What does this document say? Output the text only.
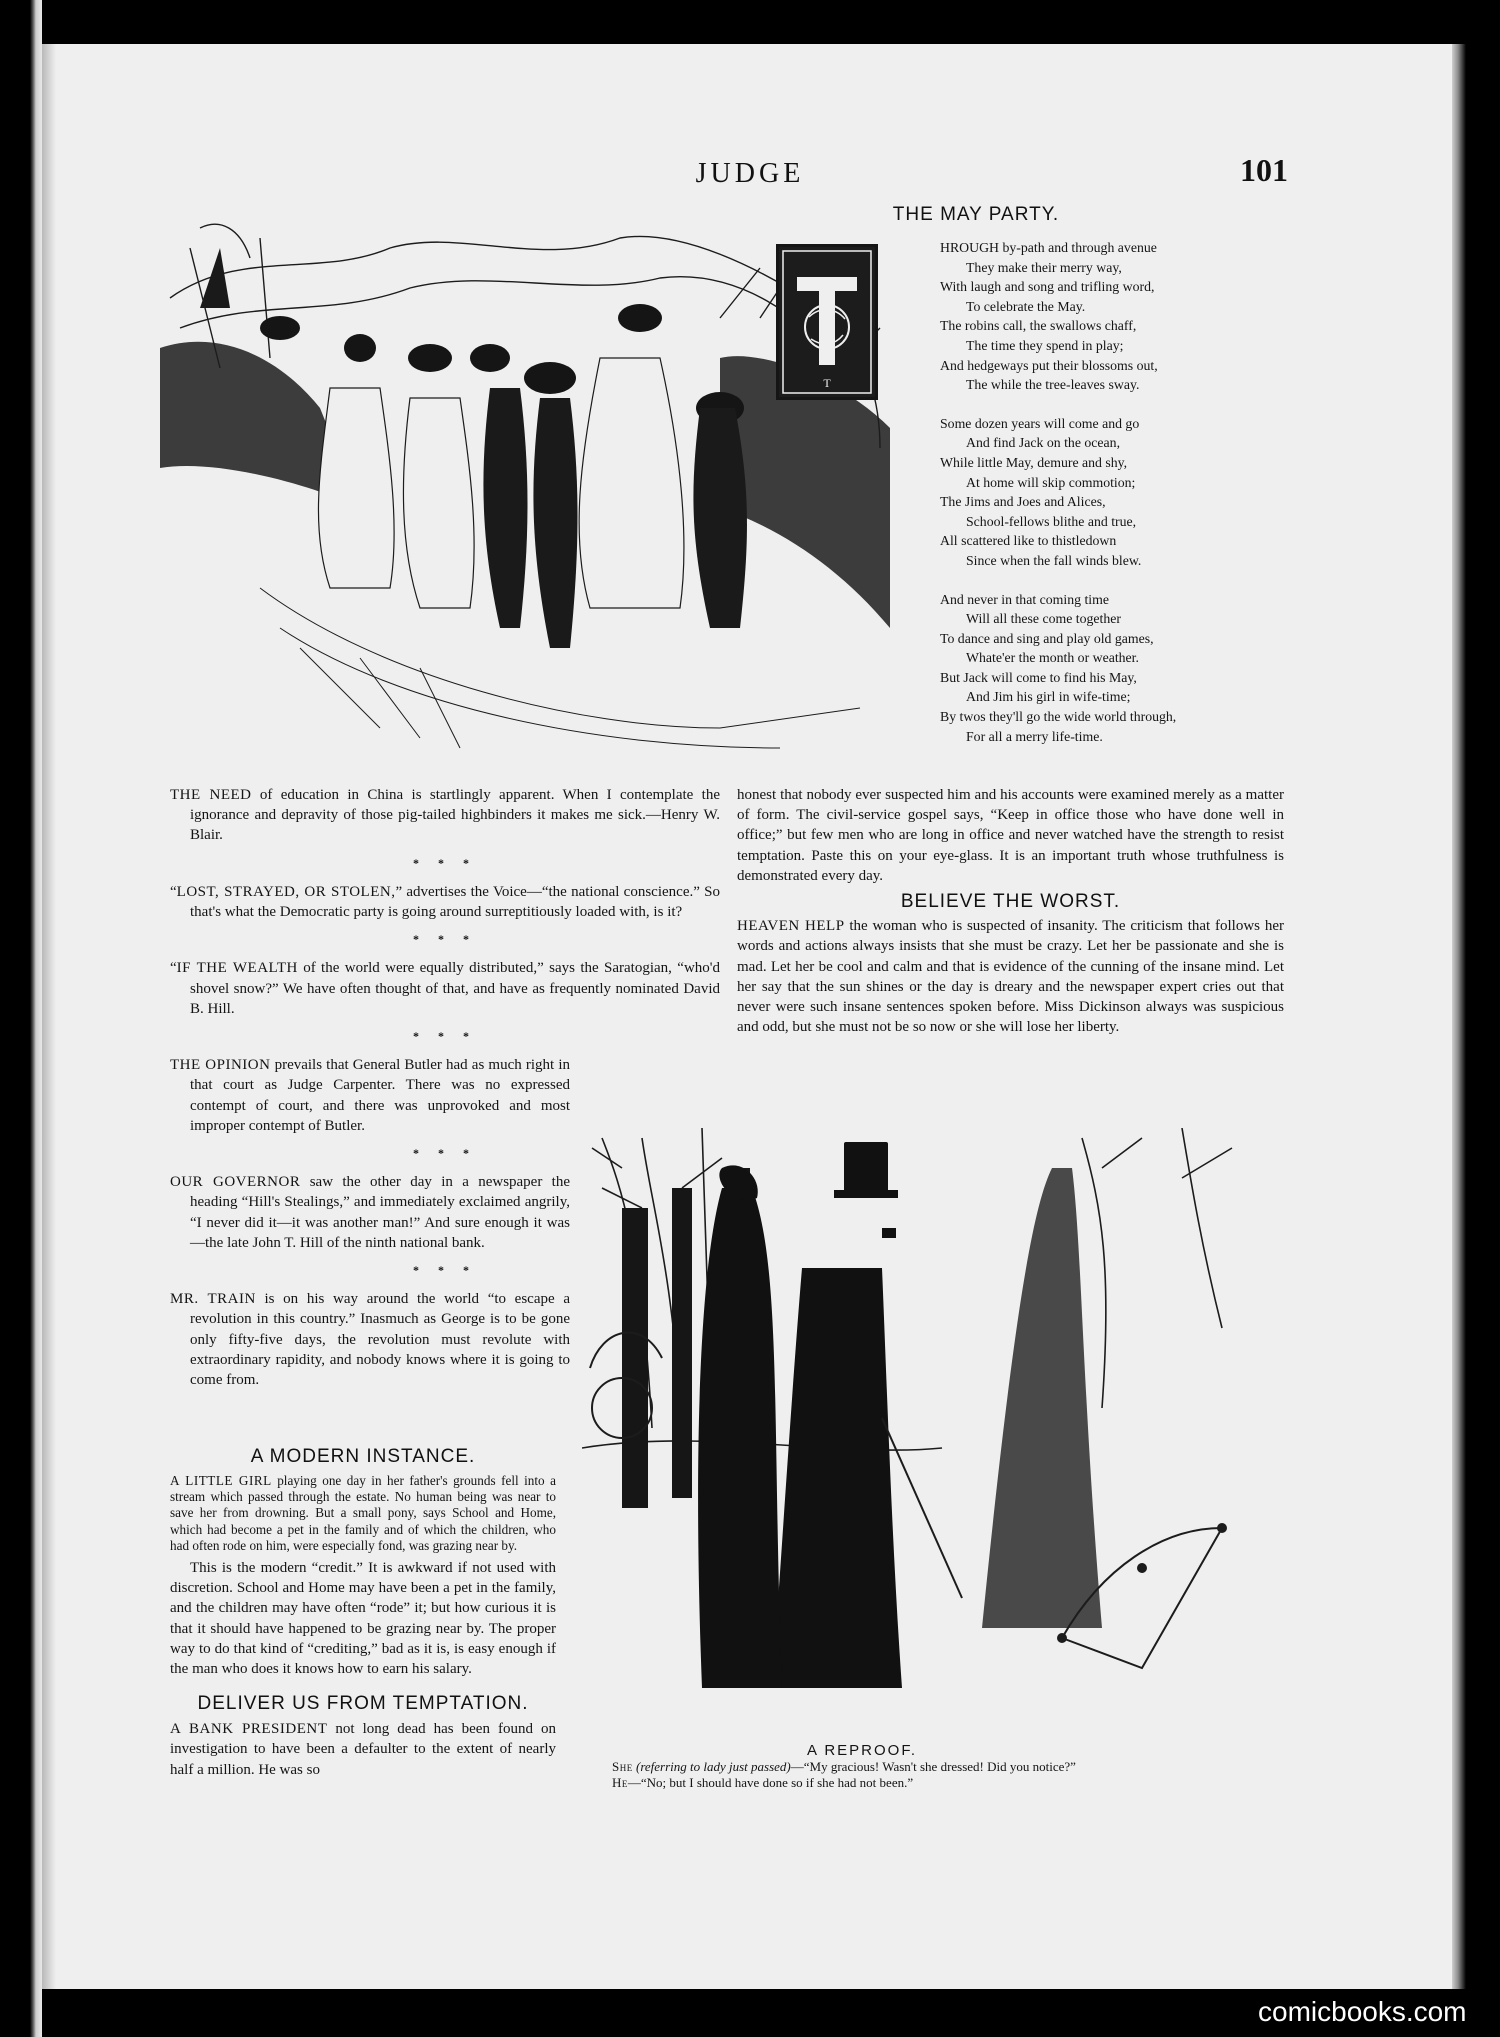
JUDGE	101
T
THE MAY PARTY.
HROUGH by-path and through avenue
They make their merry way,
With laugh and song and trifling word,
To celebrate the May.
The robins call, the swallows chaff,
The time they spend in play;
And hedgeways put their blossoms out,
The while the tree-leaves sway.
Some dozen years will come and go
And find Jack on the ocean,
While little May, demure and shy,
At home will skip commotion;
The Jims and Joes and Alices,
School-fellows blithe and true,
All scattered like to thistledown
Since when the fall winds blew.
And never in that coming time
Will all these come together
To dance and sing and play old games,
Whate'er the month or weather.
But Jack will come to find his May,
And Jim his girl in wife-time;
By twos they'll go the wide world through,
For all a merry life-time.

THE NEED of education in China is startlingly apparent. When I contemplate the ignorance and depravity of those pig-tailed highbinders it makes me sick.—Henry W. Blair.

* * *

“LOST, STRAYED, OR STOLEN,” advertises the Voice—“the national conscience.” So that's what the Democratic party is going around surreptitiously loaded with, is it?

* * *

“IF THE WEALTH of the world were equally distributed,” says the Saratogian, “who'd shovel snow?” We have often thought of that, and have as frequently nominated David B. Hill.

* * *

THE OPINION prevails that General Butler had as much right in that court as Judge Carpenter. There was no expressed contempt of court, and there was unprovoked and most improper contempt of Butler.

* * *

OUR GOVERNOR saw the other day in a newspaper the heading “Hill's Stealings,” and immediately exclaimed angrily, “I never did it—it was another man!” And sure enough it was—the late John T. Hill of the ninth national bank.

* * *

MR. TRAIN is on his way around the world “to escape a revolution in this country.” Inasmuch as George is to be gone only fifty-five days, the revolution must revolute with extraordinary rapidity, and nobody knows where it is going to come from.

A MODERN INSTANCE.
A LITTLE GIRL playing one day in her father's grounds fell into a stream which passed through the estate. No human being was near to save her from drowning. But a small pony, says School and Home, which had become a pet in the family and of which the children, who had often rode on him, were especially fond, was grazing near by.
This is the modern “credit.” It is awkward if not used with discretion. School and Home may have been a pet in the family, and the children may have often “rode” it; but how curious it is that it should have happened to be grazing near by. The proper way to do that kind of “crediting,” bad as it is, is easy enough if the man who does it knows how to earn his salary.
DELIVER US FROM TEMPTATION.
A BANK PRESIDENT not long dead has been found on investigation to have been a defaulter to the extent of nearly half a million. He was so

honest that nobody ever suspected him and his accounts were examined merely as a matter of form. The civil-service gospel says, “Keep in office those who have done well in office;” but few men who are long in office and never watched have the strength to resist temptation. Paste this on your eye-glass. It is an important truth whose truthfulness is demonstrated every day.

BELIEVE THE WORST.

HEAVEN HELP the woman who is suspected of insanity. The criticism that follows her words and actions always insists that she must be crazy. Let her be passionate and she is mad. Let her be cool and calm and that is evidence of the cunning of the insane mind. Let her say that the sun shines or the day is dreary and the newspaper expert cries out that never were such insane sentences spoken before. Miss Dickinson always was suspicious and odd, but she must not be so now or she will lose her liberty.

A REPROOF.
She (referring to lady just passed)—“My gracious! Wasn't she dressed! Did you notice?”
He—“No; but I should have done so if she had not been.”
comicbooks.com
